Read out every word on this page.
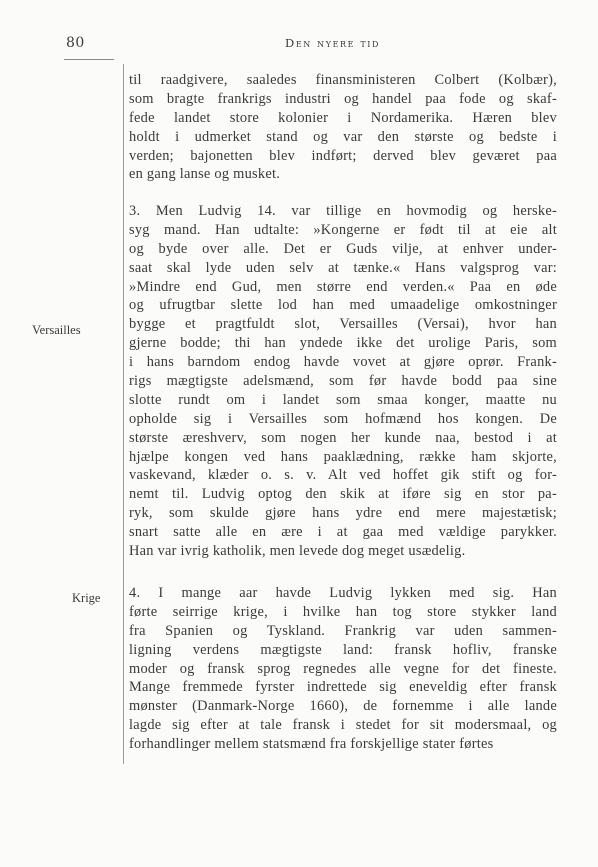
80	Den nyere tid
Versailles
Krige
til raadgivere, saaledes finansministeren Colbert (Kolbær),
som bragte frankrigs industri og handel paa fode og skaf-
fede landet store kolonier i Nordamerika. Hæren blev
holdt i udmerket stand og var den største og bedste i
verden; bajonetten blev indført; derved blev geværet paa
en gang lanse og musket.
3. Men Ludvig 14. var tillige en hovmodig og herske-
syg mand. Han udtalte: »Kongerne er født til at eie alt
og byde over alle. Det er Guds vilje, at enhver under-
saat skal lyde uden selv at tænke.« Hans valgsprog var:
»Mindre end Gud, men større end verden.« Paa en øde
og ufrugtbar slette lod han med umaadelige omkostninger
bygge et pragtfuldt slot, Versailles (Versai), hvor han
gjerne bodde; thi han yndede ikke det urolige Paris, som
i hans barndom endog havde vovet at gjøre oprør. Frank-
rigs mægtigste adelsmænd, som før havde bodd paa sine
slotte rundt om i landet som smaa konger, maatte nu
opholde sig i Versailles som hofmænd hos kongen. De
største æreshverv, som nogen her kunde naa, bestod i at
hjælpe kongen ved hans paaklædning, række ham skjorte,
vaskevand, klæder o. s. v. Alt ved hoffet gik stift og for-
nemt til. Ludvig optog den skik at iføre sig en stor pa-
ryk, som skulde gjøre hans ydre end mere majestætisk;
snart satte alle en ære i at gaa med vældige parykker.
Han var ivrig katholik, men levede dog meget usædelig.
4. I mange aar havde Ludvig lykken med sig. Han
førte seirrige krige, i hvilke han tog store stykker land
fra Spanien og Tyskland. Frankrig var uden sammen-
ligning verdens mægtigste land: fransk hofliv, franske
moder og fransk sprog regnedes alle vegne for det fineste.
Mange fremmede fyrster indrettede sig eneveldig efter fransk
mønster (Danmark-Norge 1660), de fornemme i alle lande
lagde sig efter at tale fransk i stedet for sit modersmaal, og
forhandlinger mellem statsmænd fra forskjellige stater førtes
